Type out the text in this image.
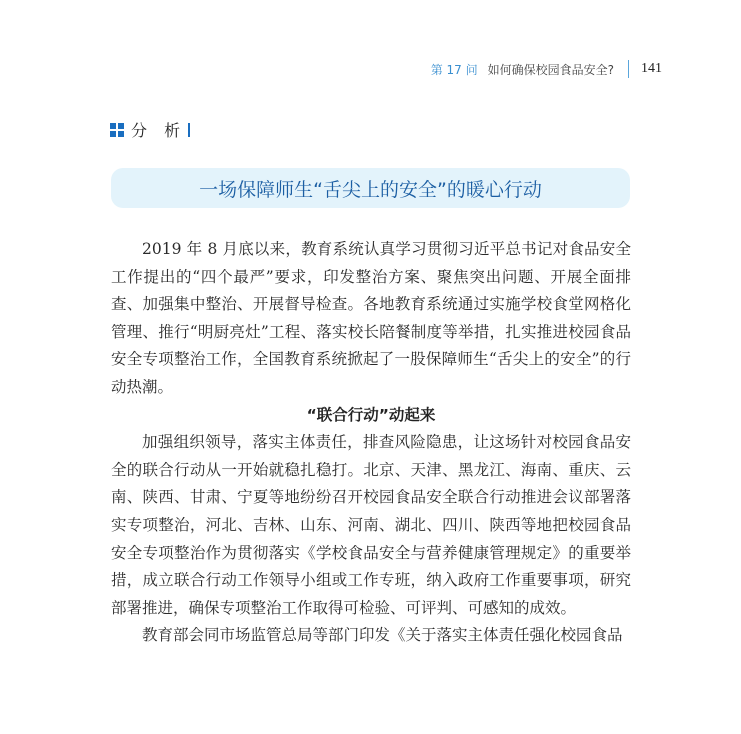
第 17 问 如何确保校园食品安全? 141
分 析
一场保障师生“舌尖上的安全”的暖心行动

2019 年 8 月底以来，教育系统认真学习贯彻习近平总书记对食品安全工作提出的“四个最严”要求，印发整治方案、聚焦突出问题、开展全面排查、加强集中整治、开展督导检查。各地教育系统通过实施学校食堂网格化管理、推行“明厨亮灶”工程、落实校长陪餐制度等举措，扎实推进校园食品安全专项整治工作，全国教育系统掀起了一股保障师生“舌尖上的安全”的行动热潮。

“联合行动”动起来

加强组织领导，落实主体责任，排查风险隐患，让这场针对校园食品安全的联合行动从一开始就稳扎稳打。北京、天津、黑龙江、海南、重庆、云南、陕西、甘肃、宁夏等地纷纷召开校园食品安全联合行动推进会议部署落实专项整治，河北、吉林、山东、河南、湖北、四川、陕西等地把校园食品安全专项整治作为贯彻落实《学校食品安全与营养健康管理规定》的重要举措，成立联合行动工作领导小组或工作专班，纳入政府工作重要事项，研究部署推进，确保专项整治工作取得可检验、可评判、可感知的成效。

教育部会同市场监管总局等部门印发《关于落实主体责任强化校园食品
